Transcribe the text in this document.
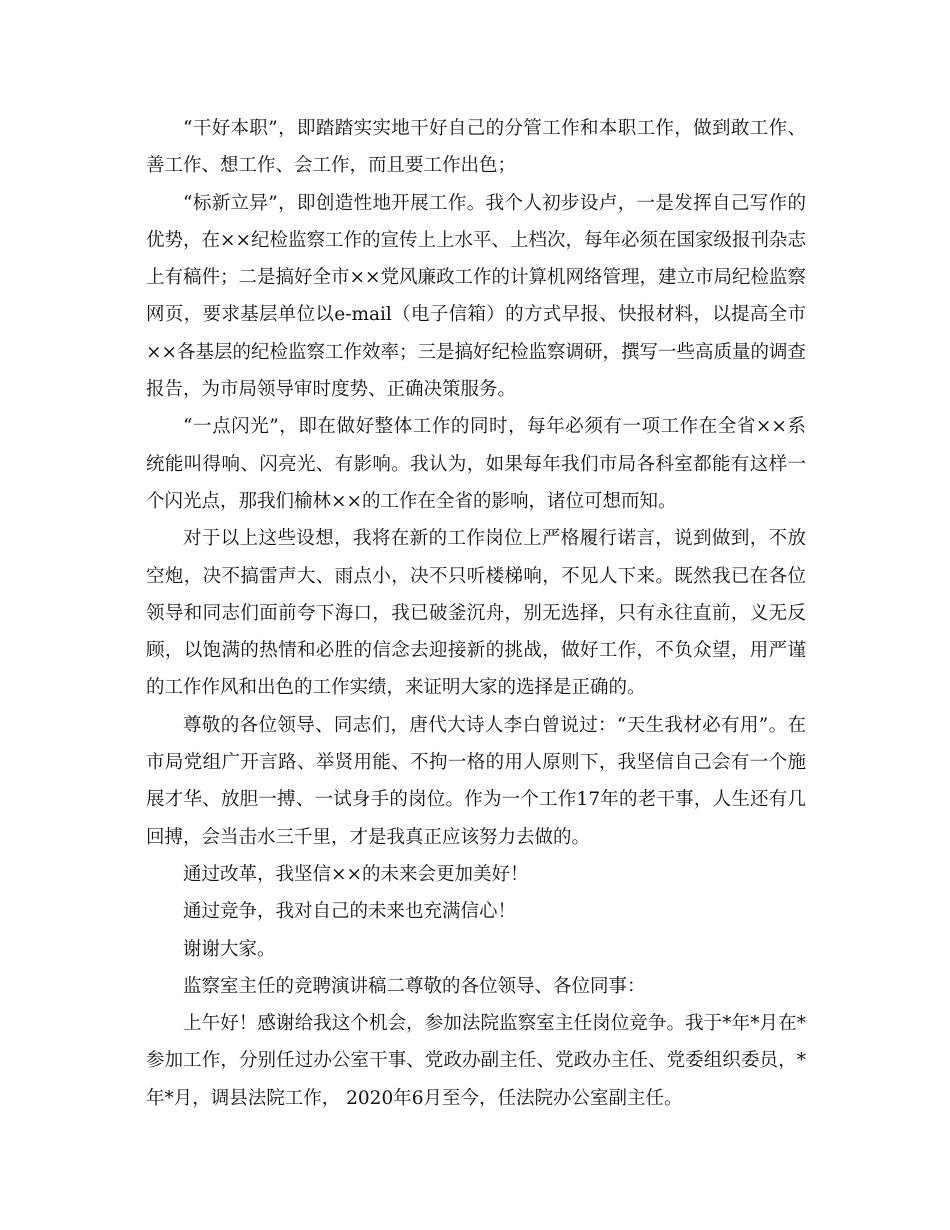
“干好本职”，即踏踏实实地干好自己的分管工作和本职工作，做到敢工作、善工作、想工作、会工作，而且要工作出色；

“标新立异”，即创造性地开展工作。我个人初步设卢，一是发挥自己写作的优势，在××纪检监察工作的宣传上上水平、上档次，每年必须在国家级报刊杂志上有稿件；二是搞好全市××党风廉政工作的计算机网络管理，建立市局纪检监察网页，要求基层单位以e-mail（电子信箱）的方式早报、快报材料，以提高全市××各基层的纪检监察工作效率；三是搞好纪检监察调研，撰写一些高质量的调查报告，为市局领导审时度势、正确决策服务。

“一点闪光”，即在做好整体工作的同时，每年必须有一项工作在全省××系统能叫得响、闪亮光、有影响。我认为，如果每年我们市局各科室都能有这样一个闪光点，那我们榆林××的工作在全省的影响，诸位可想而知。

对于以上这些设想，我将在新的工作岗位上严格履行诺言，说到做到，不放空炮，决不搞雷声大、雨点小，决不只听楼梯响，不见人下来。既然我已在各位领导和同志们面前夸下海口，我已破釜沉舟，别无选择，只有永往直前，义无反顾，以饱满的热情和必胜的信念去迎接新的挑战，做好工作，不负众望，用严谨的工作作风和出色的工作实绩，来证明大家的选择是正确的。

尊敬的各位领导、同志们，唐代大诗人李白曾说过：“天生我材必有用”。在市局党组广开言路、举贤用能、不拘一格的用人原则下，我坚信自己会有一个施展才华、放胆一搏、一试身手的岗位。作为一个工作17年的老干事，人生还有几回搏，会当击水三千里，才是我真正应该努力去做的。

通过改革，我坚信××的未来会更加美好！

通过竞争，我对自己的未来也充满信心！

谢谢大家。

监察室主任的竞聘演讲稿二尊敬的各位领导、各位同事：

上午好！感谢给我这个机会，参加法院监察室主任岗位竞争。我于*年*月在*参加工作，分别任过办公室干事、党政办副主任、党政办主任、党委组织委员，*年*月，调县法院工作， 2020年6月至今，任法院办公室副主任。
